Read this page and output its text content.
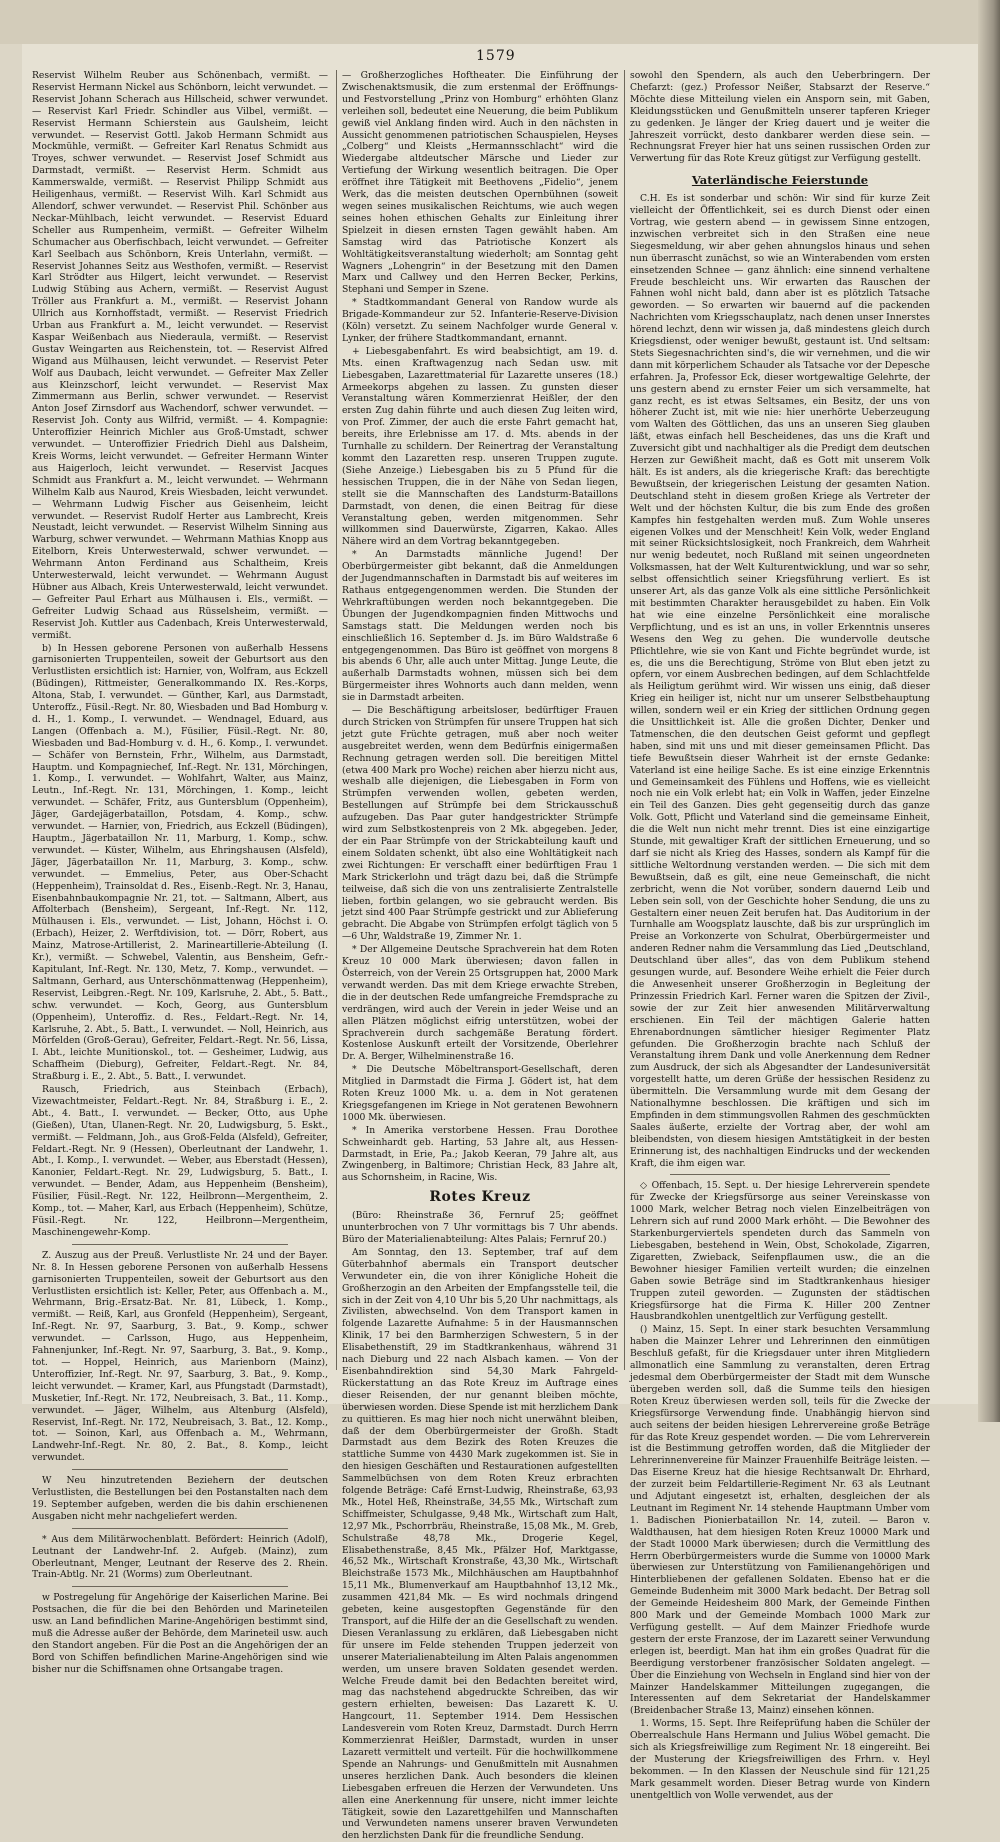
1579

Reservist Wilhelm Reuber aus Schönenbach, vermißt. — Reservist Hermann Nickel aus Schönborn, leicht verwundet. — Reservist Johann Scherach aus Hillscheid, schwer verwundet. — Reservist Karl Friedr. Schindler aus Vilbel, vermißt. — Reservist Hermann Schierstein aus Gaulsheim, leicht verwundet. — Reservist Gottl. Jakob Hermann Schmidt aus Mockmühle, vermißt. — Gefreiter Karl Renatus Schmidt aus Troyes, schwer verwundet. — Reservist Josef Schmidt aus Darmstadt, vermißt. — Reservist Herm. Schmidt aus Kammerswalde, vermißt. — Reservist Philipp Schmidt aus Heiligenhaus, vermißt. — Reservist Wilh. Karl Schmidt aus Allendorf, schwer verwundet. — Reservist Phil. Schönber aus Neckar-Mühlbach, leicht verwundet. — Reservist Eduard Scheller aus Rumpenheim, vermißt. — Gefreiter Wilhelm Schumacher aus Oberfischbach, leicht verwundet. — Gefreiter Karl Seelbach aus Schönborn, Kreis Unterlahn, vermißt. — Reservist Johannes Seitz aus Westhofen, vermißt. — Reservist Karl Strödter aus Hilgert, leicht verwundet. — Reservist Ludwig Stübing aus Achern, vermißt. — Reservist August Tröller aus Frankfurt a. M., vermißt. — Reservist Johann Ullrich aus Kornhoffstadt, vermißt. — Reservist Friedrich Urban aus Frankfurt a. M., leicht verwundet. — Reservist Kaspar Weißenbach aus Niederaula, vermißt. — Reservist Gustav Weingarten aus Reichenstein, tot. — Reservist Alfred Wigand aus Mülhausen, leicht verwundet. — Reservist Peter Wolf aus Daubach, leicht verwundet. — Gefreiter Max Zeller aus Kleinzschorf, leicht verwundet. — Reservist Max Zimmermann aus Berlin, schwer verwundet. — Reservist Anton Josef Zirnsdorf aus Wachendorf, schwer verwundet. — Reservist Joh. Conty aus Wilfrid, vermißt. — 4. Kompagnie: Unteroffizier Heinrich Michler aus Groß-Umstadt, schwer verwundet. — Unteroffizier Friedrich Diehl aus Dalsheim, Kreis Worms, leicht verwundet. — Gefreiter Hermann Winter aus Haigerloch, leicht verwundet. — Reservist Jacques Schmidt aus Frankfurt a. M., leicht verwundet. — Wehrmann Wilhelm Kalb aus Naurod, Kreis Wiesbaden, leicht verwundet. — Wehrmann Ludwig Fischer aus Geisenheim, leicht verwundet. — Reservist Rudolf Herter aus Lambrecht, Kreis Neustadt, leicht verwundet. — Reservist Wilhelm Sinning aus Warburg, schwer verwundet. — Wehrmann Mathias Knopp aus Eitelborn, Kreis Unterwesterwald, schwer verwundet. — Wehrmann Anton Ferdinand aus Schaltheim, Kreis Unterwesterwald, leicht verwundet. — Wehrmann August Hübner aus Albach, Kreis Unterwesterwald, leicht verwundet. — Gefreiter Paul Erhart aus Mülhausen i. Els., vermißt. — Gefreiter Ludwig Schaad aus Rüsselsheim, vermißt. — Reservist Joh. Kuttler aus Cadenbach, Kreis Unterwesterwald, vermißt.

b) In Hessen geborene Personen von außerhalb Hessens garnisonierten Truppenteilen, soweit der Geburtsort aus den Verlustlisten ersichtlich ist: Harnier, von, Wolfram, aus Eckzell (Büdingen), Rittmeister, Generalkommando IX. Res.-Korps, Altona, Stab, I. verwundet. — Günther, Karl, aus Darmstadt, Unteroffz., Füsil.-Regt. Nr. 80, Wiesbaden und Bad Homburg v. d. H., 1. Komp., I. verwundet. — Wendnagel, Eduard, aus Langen (Offenbach a. M.), Füsilier, Füsil.-Regt. Nr. 80, Wiesbaden und Bad-Homburg v. d. H., 6. Komp., I. verwundet. — Schäfer von Bernstein, Frhr., Wilhelm, aus Darmstadt, Hauptm. und Kompagniechef, Inf.-Regt. Nr. 131, Mörchingen, 1. Komp., I. verwundet. — Wohlfahrt, Walter, aus Mainz, Leutn., Inf.-Regt. Nr. 131, Mörchingen, 1. Komp., leicht verwundet. — Schäfer, Fritz, aus Guntersblum (Oppenheim), Jäger, Gardejägerbataillon, Potsdam, 4. Komp., schw. verwundet. — Harnier, von, Friedrich, aus Eckzell (Büdingen), Hauptm., Jägerbataillon Nr. 11, Marburg, 1. Komp., schw. verwundet. — Küster, Wilhelm, aus Ehringshausen (Alsfeld), Jäger, Jägerbataillon Nr. 11, Marburg, 3. Komp., schw. verwundet. — Emmelius, Peter, aus Ober-Schacht (Heppenheim), Trainsoldat d. Res., Eisenb.-Regt. Nr. 3, Hanau, Eisenbahnbaukompagnie Nr. 21, tot. — Saltmann, Albert, aus Affolterbach (Bensheim), Sergeant, Inf.-Regt. Nr. 112, Mülhausen i. Els., verwundet. — List, Johann, Höchst i. O. (Erbach), Heizer, 2. Werftdivision, tot. — Dörr, Robert, aus Mainz, Matrose-Artillerist, 2. Marineartillerie-Abteilung (I. Kr.), vermißt. — Schwebel, Valentin, aus Bensheim, Gefr.-Kapitulant, Inf.-Regt. Nr. 130, Metz, 7. Komp., verwundet. — Saltmann, Gerhard, aus Unterschönmattenwag (Heppenheim), Reservist, Leibgren.-Regt. Nr. 109, Karlsruhe, 2. Abt., 5. Batt., schw. verwundet. — Koch, Georg, aus Guntersblum (Oppenheim), Unteroffiz. d. Res., Feldart.-Regt. Nr. 14, Karlsruhe, 2. Abt., 5. Batt., I. verwundet. — Noll, Heinrich, aus Mörfelden (Groß-Gerau), Gefreiter, Feldart.-Regt. Nr. 56, Lissa, I. Abt., leichte Munitionskol., tot. — Gesheimer, Ludwig, aus Schaffheim (Dieburg), Gefreiter, Feldart.-Regt. Nr. 84, Straßburg i. E., 2. Abt., 5. Batt., I. verwundet.

Rausch, Friedrich, aus Steinbach (Erbach), Vizewachtmeister, Feldart.-Regt. Nr. 84, Straßburg i. E., 2. Abt., 4. Batt., I. verwundet. — Becker, Otto, aus Uphe (Gießen), Utan, Ulanen-Regt. Nr. 20, Ludwigsburg, 5. Eskt., vermißt. — Feldmann, Joh., aus Groß-Felda (Alsfeld), Gefreiter, Feldart.-Regt. Nr. 9 (Hessen), Oberleutnant der Landwehr, 1. Abt., I. Komp., I. verwundet. — Weber, aus Eberstadt (Hessen), Kanonier, Feldart.-Regt. Nr. 29, Ludwigsburg, 5. Batt., I. verwundet. — Bender, Adam, aus Heppenheim (Bensheim), Füsilier, Füsil.-Regt. Nr. 122, Heilbronn—Mergentheim, 2. Komp., tot. — Maher, Karl, aus Erbach (Heppenheim), Schütze, Füsil.-Regt. Nr. 122, Heilbronn—Mergentheim, Maschinengewehr-Komp.

Z. Auszug aus der Preuß. Verlustliste Nr. 24 und der Bayer. Nr. 8. In Hessen geborene Personen von außerhalb Hessens garnisonierten Truppenteilen, soweit der Geburtsort aus den Verlustlisten ersichtlich ist: Keller, Peter, aus Offenbach a. M., Wehrmann, Brig.-Ersatz-Bat. Nr. 81, Lübeck, 1. Komp., vermißt. — Reiß, Karl, aus Gronfeld (Heppenheim), Sergeant, Inf.-Regt. Nr. 97, Saarburg, 3. Bat., 9. Komp., schwer verwundet. — Carlsson, Hugo, aus Heppenheim, Fahnenjunker, Inf.-Regt. Nr. 97, Saarburg, 3. Bat., 9. Komp., tot. — Hoppel, Heinrich, aus Marienborn (Mainz), Unteroffizier, Inf.-Regt. Nr. 97, Saarburg, 3. Bat., 9. Komp., leicht verwundet. — Kramer, Karl, aus Pfungstadt (Darmstadt), Musketier, Inf.-Regt. Nr. 172, Neubreisach, 3. Bat., 11. Komp., verwundet. — Jäger, Wilhelm, aus Altenburg (Alsfeld), Reservist, Inf.-Regt. Nr. 172, Neubreisach, 3. Bat., 12. Komp., tot. — Soinon, Karl, aus Offenbach a. M., Wehrmann, Landwehr-Inf.-Regt. Nr. 80, 2. Bat., 8. Komp., leicht verwundet.

W Neu hinzutretenden Beziehern der deutschen Verlustlisten, die Bestellungen bei den Postanstalten nach dem 19. September aufgeben, werden die bis dahin erschienenen Ausgaben nicht mehr nachgeliefert werden.

* Aus dem Militärwochenblatt. Befördert: Heinrich (Adolf), Leutnant der Landwehr-Inf. 2. Aufgeb. (Mainz), zum Oberleutnant, Menger, Leutnant der Reserve des 2. Rhein. Train-Abtlg. Nr. 21 (Worms) zum Oberleutnant.

w Postregelung für Angehörige der Kaiserlichen Marine. Bei Postsachen, die für die bei den Behörden und Marineteilen usw. an Land befindlichen Marine-Angehörigen bestimmt sind, muß die Adresse außer der Behörde, dem Marineteil usw. auch den Standort angeben. Für die Post an die Angehörigen der an Bord von Schiffen befindlichen Marine-Angehörigen sind wie bisher nur die Schiffsnamen ohne Ortsangabe tragen.

— Großherzogliches Hoftheater. Die Einführung der Zwischenaktsmusik, die zum erstenmal der Eröffnungs- und Festvorstellung „Prinz von Homburg“ erhöhten Glanz verleihen soll, bedeutet eine Neuerung, die beim Publikum gewiß viel Anklang finden wird. Auch in den nächsten in Aussicht genommenen patriotischen Schauspielen, Heyses „Colberg“ und Kleists „Hermannsschlacht“ wird die Wiedergabe altdeutscher Märsche und Lieder zur Vertiefung der Wirkung wesentlich beitragen. Die Oper eröffnet ihre Tätigkeit mit Beethovens „Fidelio“, jenem Werk, das die meisten deutschen Opernbühnen (soweit wegen seines musikalischen Reichtums, wie auch wegen seines hohen ethischen Gehalts zur Einleitung ihrer Spielzeit in diesen ernsten Tagen gewählt haben. Am Samstag wird das Patriotische Konzert als Wohltätigkeitsveranstaltung wiederholt; am Sonntag geht Wagners „Lohengrin“ in der Besetzung mit den Damen Marx und Callwey und den Herren Becker, Perkins, Stephani und Semper in Szene.

* Stadtkommandant General von Randow wurde als Brigade-Kommandeur zur 52. Infanterie-Reserve-Division (Köln) versetzt. Zu seinem Nachfolger wurde General v. Lynker, der frühere Stadtkommandant, ernannt.

+ Liebesgabenfahrt. Es wird beabsichtigt, am 19. d. Mts. einen Kraftwagenzug nach Sedan usw. mit Liebesgaben, Lazarettmaterial für Lazarette unseres (18.) Armeekorps abgehen zu lassen. Zu gunsten dieser Veranstaltung wären Kommerzienrat Heißler, der den ersten Zug dahin führte und auch diesen Zug leiten wird, von Prof. Zimmer, der auch die erste Fahrt gemacht hat, bereits, ihre Erlebnisse am 17. d. Mts. abends in der Turnhalle zu schildern. Der Reinertrag der Veranstaltung kommt den Lazaretten resp. unseren Truppen zugute. (Siehe Anzeige.) Liebesgaben bis zu 5 Pfund für die hessischen Truppen, die in der Nähe von Sedan liegen, stellt sie die Mannschaften des Landsturm-Bataillons Darmstadt, von denen, die einen Beitrag für diese Veranstaltung geben, werden mitgenommen. Sehr willkommen sind Dauerwürste, Zigarren, Kakao. Alles Nähere wird an dem Vortrag bekanntgegeben.

* An Darmstadts männliche Jugend! Der Oberbürgermeister gibt bekannt, daß die Anmeldungen der Jugendmannschaften in Darmstadt bis auf weiteres im Rathaus entgegengenommen werden. Die Stunden der Wehrkraftübungen werden noch bekanntgegeben. Die Übungen der Jugendkompagnien finden Mittwochs und Samstags statt. Die Meldungen werden noch bis einschließlich 16. September d. Js. im Büro Waldstraße 6 entgegengenommen. Das Büro ist geöffnet von morgens 8 bis abends 6 Uhr, alle auch unter Mittag. Junge Leute, die außerhalb Darmstadts wohnen, müssen sich bei dem Bürgermeister ihres Wohnorts auch dann melden, wenn sie in Darmstadt arbeiten.

— Die Beschäftigung arbeitsloser, bedürftiger Frauen durch Stricken von Strümpfen für unsere Truppen hat sich jetzt gute Früchte getragen, muß aber noch weiter ausgebreitet werden, wenn dem Bedürfnis einigermaßen Rechnung getragen werden soll. Die bereitigen Mittel (etwa 400 Mark pro Woche) reichen aber hierzu nicht aus, weshalb alle diejenigen, die Liebesgaben in Form von Strümpfen verwenden wollen, gebeten werden, Bestellungen auf Strümpfe bei dem Strickausschuß aufzugeben. Das Paar guter handgestrickter Strümpfe wird zum Selbstkostenpreis von 2 Mk. abgegeben. Jeder, der ein Paar Strümpfe von der Strickabteilung kauft und einem Soldaten schenkt, übt also eine Wohltätigkeit nach zwei Richtungen: Er verschafft einer bedürftigen Frau 1 Mark Strickerlohn und trägt dazu bei, daß die Strümpfe teilweise, daß sich die von uns zentralisierte Zentralstelle lieben, fortbin gelangen, wo sie gebraucht werden. Bis jetzt sind 400 Paar Strümpfe gestrickt und zur Ablieferung gebracht. Die Abgabe von Strümpfen erfolgt täglich von 5—6 Uhr, Waldstraße 19, Zimmer Nr. 1.

* Der Allgemeine Deutsche Sprachverein hat dem Roten Kreuz 10 000 Mark überwiesen; davon fallen in Österreich, von der Verein 25 Ortsgruppen hat, 2000 Mark verwandt werden. Das mit dem Kriege erwachte Streben, die in der deutschen Rede umfangreiche Fremdsprache zu verdrängen, wird auch der Verein in jeder Weise und an allen Plätzen möglichst eifrig unterstützen, wobei der Sprachverein durch sachgemäße Beratung fördert. Kostenlose Auskunft erteilt der Vorsitzende, Oberlehrer Dr. A. Berger, Wilhelminenstraße 16.

* Die Deutsche Möbeltransport-Gesellschaft, deren Mitglied in Darmstadt die Firma J. Gödert ist, hat dem Roten Kreuz 1000 Mk. u. a. dem in Not geratenen Kriegsgefangenen im Kriege in Not geratenen Bewohnern 1000 Mk. überwiesen.

* In Amerika verstorbene Hessen. Frau Dorothee Schweinhardt geb. Harting, 53 Jahre alt, aus Hessen-Darmstadt, in Erie, Pa.; Jakob Keeran, 79 Jahre alt, aus Zwingenberg, in Baltimore; Christian Heck, 83 Jahre alt, aus Schornsheim, in Racine, Wis.

Rotes Kreuz

(Büro: Rheinstraße 36, Fernruf 25; geöffnet ununterbrochen von 7 Uhr vormittags bis 7 Uhr abends. Büro der Materialienabteilung: Altes Palais; Fernruf 20.)

Am Sonntag, den 13. September, traf auf dem Güterbahnhof abermals ein Transport deutscher Verwundeter ein, die von ihrer Königliche Hoheit die Großherzogin an den Arbeiten der Empfangsstelle teil, die sich in der Zeit von 4,10 Uhr bis 5,20 Uhr nachmittags, als Zivilisten, abwechselnd. Von dem Transport kamen in folgende Lazarette Aufnahme: 5 in der Hausmannschen Klinik, 17 bei den Barmherzigen Schwestern, 5 in der Elisabethenstift, 29 im Stadtkrankenhaus, während 31 nach Dieburg und 22 nach Alsbach kamen. — Von der Eisenbahndirektion sind 54,30 Mark Fahrgeld-Rückerstattung an das Rote Kreuz im Auftrage eines dieser Reisenden, der nur genannt bleiben möchte, überwiesen worden. Diese Spende ist mit herzlichem Dank zu quittieren. Es mag hier noch nicht unerwähnt bleiben, daß der dem Oberbürgermeister der Großh. Stadt Darmstadt aus dem Bezirk des Roten Kreuzes die stattliche Summe von 4430 Mark zugekommen ist. Sie in den hiesigen Geschäften und Restaurationen aufgestellten Sammelbüchsen von dem Roten Kreuz erbrachten folgende Beträge: Café Ernst-Ludwig, Rheinstraße, 63,93 Mk., Hotel Heß, Rheinstraße, 34,55 Mk., Wirtschaft zum Schiffmeister, Schulgasse, 9,48 Mk., Wirtschaft zum Halt, 12,97 Mk., Pschorrbräu, Rheinstraße, 15,08 Mk., M. Greb, Schulstraße 48,78 Mk., Drogerie Kegel, Elisabethenstraße, 8,45 Mk., Pfälzer Hof, Marktgasse, 46,52 Mk., Wirtschaft Kronstraße, 43,30 Mk., Wirtschaft Bleichstraße 1573 Mk., Milchhäuschen am Hauptbahnhof 15,11 Mk., Blumenverkauf am Hauptbahnhof 13,12 Mk., zusammen 421,84 Mk. — Es wird nochmals dringend gebeten, keine ausgestopften Gegenstände für den Transport, auf die Hilfe der an die Gesellschaft zu wenden. Diesen Veranlassung zu erklären, daß Liebesgaben nicht für unsere im Felde stehenden Truppen jederzeit von unserer Materialienabteilung im Alten Palais angenommen werden, um unsere braven Soldaten gesendet werden. Welche Freude damit bei den Bedachten bereitet wird, mag das nachstehend abgedruckte Schreiben, das wir gestern erhielten, beweisen: Das Lazarett K. U. Hangcourt, 11. September 1914. Dem Hessischen Landesverein vom Roten Kreuz, Darmstadt. Durch Herrn Kommerzienrat Heißler, Darmstadt, wurden in unser Lazarett vermittelt und verteilt. Für die hochwillkommene Spende an Nahrungs- und Genußmitteln mit Ausnahmen unseres herzlichen Dank. Auch besonders die kleinen Liebesgaben erfreuen die Herzen der Verwundeten. Uns allen eine Anerkennung für unsere, nicht immer leichte Tätigkeit, sowie den Lazarettgehilfen und Mannschaften und Verwundeten namens unserer braven Verwundeten den herzlichsten Dank für die freundliche Sendung.

sowohl den Spendern, als auch den Ueberbringern. Der Chefarzt: (gez.) Professor Neißer, Stabsarzt der Reserve.“ Möchte diese Mitteilung vielen ein Ansporn sein, mit Gaben, Kleidungsstücken und Genußmitteln unserer tapferen Krieger zu gedenken. Je länger der Krieg dauert und je weiter die Jahreszeit vorrückt, desto dankbarer werden diese sein. — Rechnungsrat Freyer hier hat uns seinen russischen Orden zur Verwertung für das Rote Kreuz gütigst zur Verfügung gestellt.

Vaterländische Feierstunde

C.H. Es ist sonderbar und schön: Wir sind für kurze Zeit vielleicht der Öffentlichkeit, sei es durch Dienst oder einen Vortrag, wie gestern abend — in gewissem Sinne entzogen, inzwischen verbreitet sich in den Straßen eine neue Siegesmeldung, wir aber gehen ahnungslos hinaus und sehen nun überrascht zunächst, so wie an Winterabenden vom ersten einsetzenden Schnee — ganz ähnlich: eine sinnend verhaltene Freude beschleicht uns. Wir erwarten das Rauschen der Fahnen wohl nicht bald, dann aber ist es plötzlich Tatsache geworden. — So erwarten wir bauernd auf die packenden Nachrichten vom Kriegsschauplatz, nach denen unser Innerstes hörend lechzt, denn wir wissen ja, daß mindestens gleich durch Kriegsdienst, oder weniger bewußt, gestaunt ist. Und seltsam: Stets Siegesnachrichten sind's, die wir vernehmen, und die wir dann mit körperlichem Schauder als Tatsache vor der Depesche erfahren. Ja, Professor Eck, dieser wortgewaltige Gelehrte, der uns gestern abend zu ernster Feier um sich versammelte, hat ganz recht, es ist etwas Seltsames, ein Besitz, der uns von höherer Zucht ist, mit wie nie: hier unerhörte Ueberzeugung vom Walten des Göttlichen, das uns an unseren Sieg glauben läßt, etwas einfach hell Bescheidenes, das uns die Kraft und Zuversicht gibt und nachhaltiger als die Predigt dem deutschen Herzen zur Gewißheit macht, daß es Gott mit unserem Volk hält. Es ist anders, als die kriegerische Kraft: das berechtigte Bewußtsein, der kriegerischen Leistung der gesamten Nation. Deutschland steht in diesem großen Kriege als Vertreter der Welt und der höchsten Kultur, die bis zum Ende des großen Kampfes hin festgehalten werden muß. Zum Wohle unseres eigenen Volkes und der Menschheit! Kein Volk, weder England mit seiner Rücksichtslosigkeit, noch Frankreich, dem Wahrheit nur wenig bedeutet, noch Rußland mit seinen ungeordneten Volksmassen, hat der Welt Kulturentwicklung, und war so sehr, selbst offensichtlich seiner Kriegsführung verliert. Es ist unserer Art, als das ganze Volk als eine sittliche Persönlichkeit mit bestimmten Charakter herausgebildet zu haben. Ein Volk hat wie eine einzelne Persönlichkeit eine moralische Verpflichtung, und es ist an uns, in voller Erkenntnis unseres Wesens den Weg zu gehen. Die wundervolle deutsche Pflichtlehre, wie sie von Kant und Fichte begründet wurde, ist es, die uns die Berechtigung, Ströme von Blut eben jetzt zu opfern, vor einem Ausbrechen bedingen, auf dem Schlachtfelde als Heiligtum gerühmt wird. Wir wissen uns einig, daß dieser Krieg ein heiliger ist, nicht nur um unserer Selbstbehauptung willen, sondern weil er ein Krieg der sittlichen Ordnung gegen die Unsittlichkeit ist. Alle die großen Dichter, Denker und Tatmenschen, die den deutschen Geist geformt und gepflegt haben, sind mit uns und mit dieser gemeinsamen Pflicht. Das tiefe Bewußtsein dieser Wahrheit ist der ernste Gedanke: Vaterland ist eine heilige Sache. Es ist eine einzige Erkenntnis und Gemeinsamkeit des Fühlens und Hoffens, wie es vielleicht noch nie ein Volk erlebt hat; ein Volk in Waffen, jeder Einzelne ein Teil des Ganzen. Dies geht gegenseitig durch das ganze Volk. Gott, Pflicht und Vaterland sind die gemeinsame Einheit, die die Welt nun nicht mehr trennt. Dies ist eine einzigartige Stunde, mit gewaltiger Kraft der sittlichen Erneuerung, und so darf sie nicht als Krieg des Hasses, sondern als Kampf für die sittliche Weltordnung verstanden werden. — Die sich mit dem Bewußtsein, daß es gilt, eine neue Gemeinschaft, die nicht zerbricht, wenn die Not vorüber, sondern dauernd Leib und Leben sein soll, von der Geschichte hoher Sendung, die uns zu Gestaltern einer neuen Zeit berufen hat. Das Auditorium in der Turnhalle am Woogsplatz lauschte, daß bis zur ursprünglich im Preise an Vorkonzerte von Schulrat, Oberbürgermeister und anderen Redner nahm die Versammlung das Lied „Deutschland, Deutschland über alles“, das von dem Publikum stehend gesungen wurde, auf. Besondere Weihe erhielt die Feier durch die Anwesenheit unserer Großherzogin in Begleitung der Prinzessin Friedrich Karl. Ferner waren die Spitzen der Zivil-, sowie der zur Zeit hier anwesenden Militärverwaltung erschienen. Ein Teil der mächtigen Galerie hatten Ehrenabordnungen sämtlicher hiesiger Regimenter Platz gefunden. Die Großherzogin brachte nach Schluß der Veranstaltung ihrem Dank und volle Anerkennung dem Redner zum Ausdruck, der sich als Abgesandter der Landesuniversität vorgestellt hatte, um deren Grüße der hessischen Residenz zu übermitteln. Die Versammlung wurde mit dem Gesang der Nationalhymne beschlossen. Die kräftigen und sich im Empfinden in dem stimmungsvollen Rahmen des geschmückten Saales äußerte, erzielte der Vortrag aber, der wohl am bleibendsten, von diesem hiesigen Amtstätigkeit in der besten Erinnerung ist, des nachhaltigen Eindrucks und der weckenden Kraft, die ihm eigen war.

◇ Offenbach, 15. Sept. u. Der hiesige Lehrerverein spendete für Zwecke der Kriegsfürsorge aus seiner Vereinskasse von 1000 Mark, welcher Betrag noch vielen Einzelbeiträgen von Lehrern sich auf rund 2000 Mark erhöht. — Die Bewohner des Starkenburgerviertels spendeten durch das Sammeln von Liebesgaben, bestehend in Wein, Obst, Schokolade, Zigarren, Zigaretten, Zwieback, Seifenpflaumen usw., die an die Bewohner hiesiger Familien verteilt wurden; die einzelnen Gaben sowie Beträge sind im Stadtkrankenhaus hiesiger Truppen zuteil geworden. — Zugunsten der städtischen Kriegsfürsorge hat die Firma K. Hiller 200 Zentner Hausbrandkohlen unentgeltlich zur Verfügung gestellt.

() Mainz, 15. Sept. In einer stark besuchten Versammlung haben die Mainzer Lehrer und Lehrerinnen den einmütigen Beschluß gefaßt, für die Kriegsdauer unter ihren Mitgliedern allmonatlich eine Sammlung zu veranstalten, deren Ertrag jedesmal dem Oberbürgermeister der Stadt mit dem Wunsche übergeben werden soll, daß die Summe teils den hiesigen Roten Kreuz überwiesen werden soll, teils für die Zwecke der Kriegsfürsorge Verwendung finde. Unabhängig hiervon sind auch seitens der beiden hiesigen Lehrervereine große Beträge für das Rote Kreuz gespendet worden. — Die vom Lehrerverein ist die Bestimmung getroffen worden, daß die Mitglieder der Lehrerinnenvereine für Mainzer Frauenhilfe Beiträge leisten. — Das Eiserne Kreuz hat die hiesige Rechtsanwalt Dr. Ehrhard, der zurzeit beim Feldartillerie-Regiment Nr. 63 als Leutnant und Adjutant eingesetzt ist, erhalten, desgleichen der als Leutnant im Regiment Nr. 14 stehende Hauptmann Umber vom 1. Badischen Pionierbataillon Nr. 14, zuteil. — Baron v. Waldthausen, hat dem hiesigen Roten Kreuz 10000 Mark und der Stadt 10000 Mark überwiesen; durch die Vermittlung des Herrn Oberbürgermeisters wurde die Summe von 10000 Mark überwiesen zur Unterstützung von Familienangehörigen und Hinterbliebenen der gefallenen Soldaten. Ebenso hat er die Gemeinde Budenheim mit 3000 Mark bedacht. Der Betrag soll der Gemeinde Heidesheim 800 Mark, der Gemeinde Finthen 800 Mark und der Gemeinde Mombach 1000 Mark zur Verfügung gestellt. — Auf dem Mainzer Friedhofe wurde gestern der erste Franzose, der im Lazarett seiner Verwundung erlegen ist, beerdigt. Man hat ihm ein großes Quadrat für die Beerdigung verstorbener französischer Soldaten angelegt. — Über die Einziehung von Wechseln in England sind hier von der Mainzer Handelskammer Mitteilungen zugegangen, die Interessenten auf dem Sekretariat der Handelskammer (Breidenbacher Straße 13, Mainz) einsehen können.

1. Worms, 15. Sept. Ihre Reifeprüfung haben die Schüler der Oberrealschule Hans Hermann und Julius Wöbel gemacht. Die sich als Kriegsfreiwillige zum Regiment Nr. 18 eingereiht. Bei der Musterung der Kriegsfreiwilligen des Frhrn. v. Heyl bekommen. — In den Klassen der Neuschule sind für 121,25 Mark gesammelt worden. Dieser Betrag wurde von Kindern unentgeltlich von Wolle verwendet, aus der
